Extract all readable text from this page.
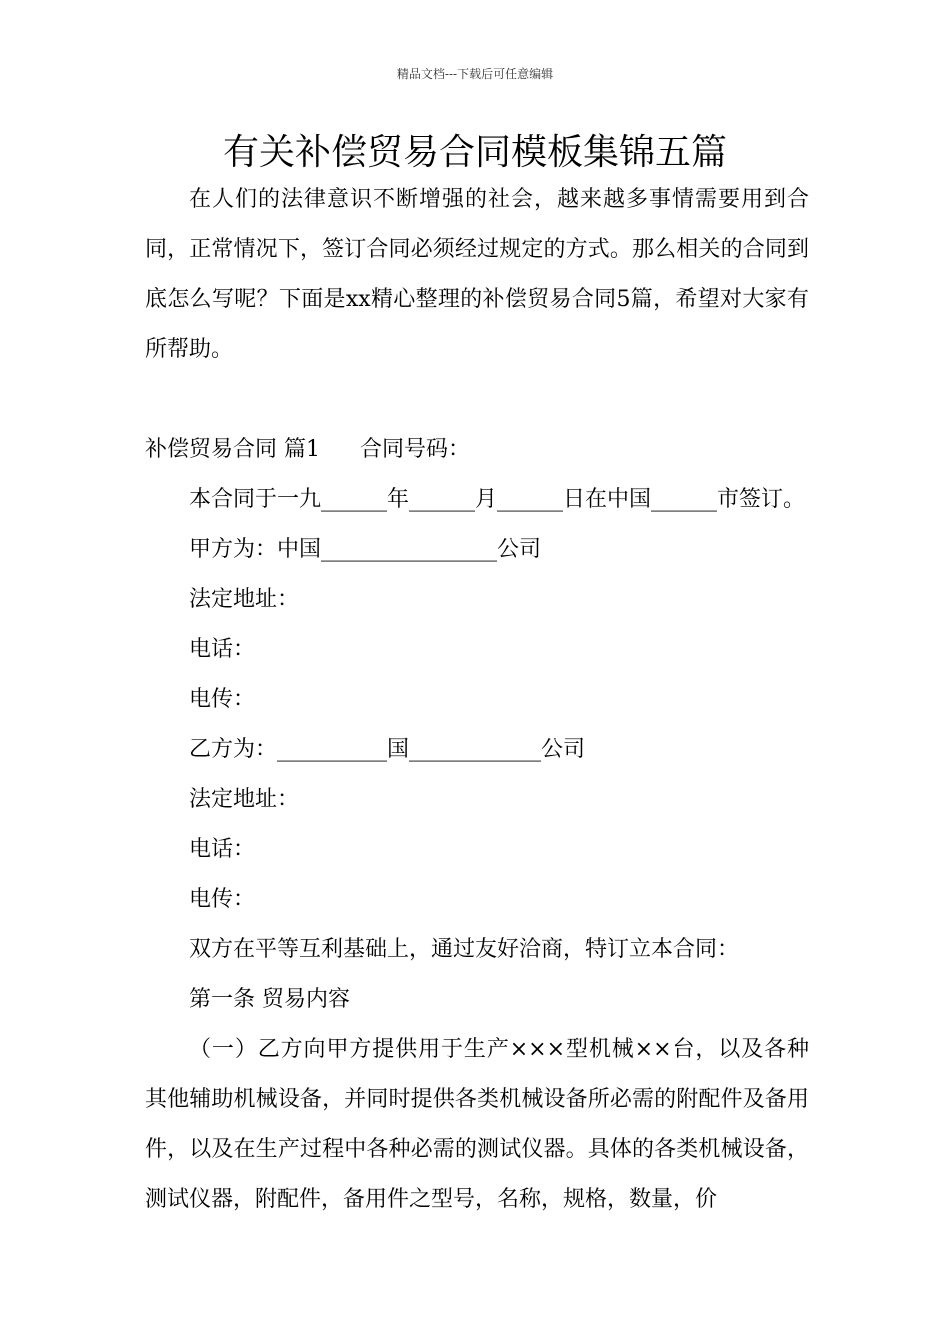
精品文档---下载后可任意编辑
有关补偿贸易合同模板集锦五篇

在人们的法律意识不断增强的社会，越来越多事情需要用到合同，正常情况下，签订合同必须经过规定的方式。那么相关的合同到底怎么写呢？下面是xx精心整理的补偿贸易合同5篇，希望对大家有所帮助。

补偿贸易合同 篇1 合同号码：

本合同于一九______年______月______日在中国______市签订。

甲方为：中国________________公司

法定地址：

电话：

电传：

乙方为：__________国____________公司

法定地址：

电话：

电传：

双方在平等互利基础上，通过友好洽商，特订立本合同：

第一条 贸易内容

（一）乙方向甲方提供用于生产×××型机械××台，以及各种其他辅助机械设备，并同时提供各类机械设备所必需的附配件及备用件，以及在生产过程中各种必需的测试仪器。具体的各类机械设备，测试仪器，附配件，备用件之型号，名称，规格，数量，价
